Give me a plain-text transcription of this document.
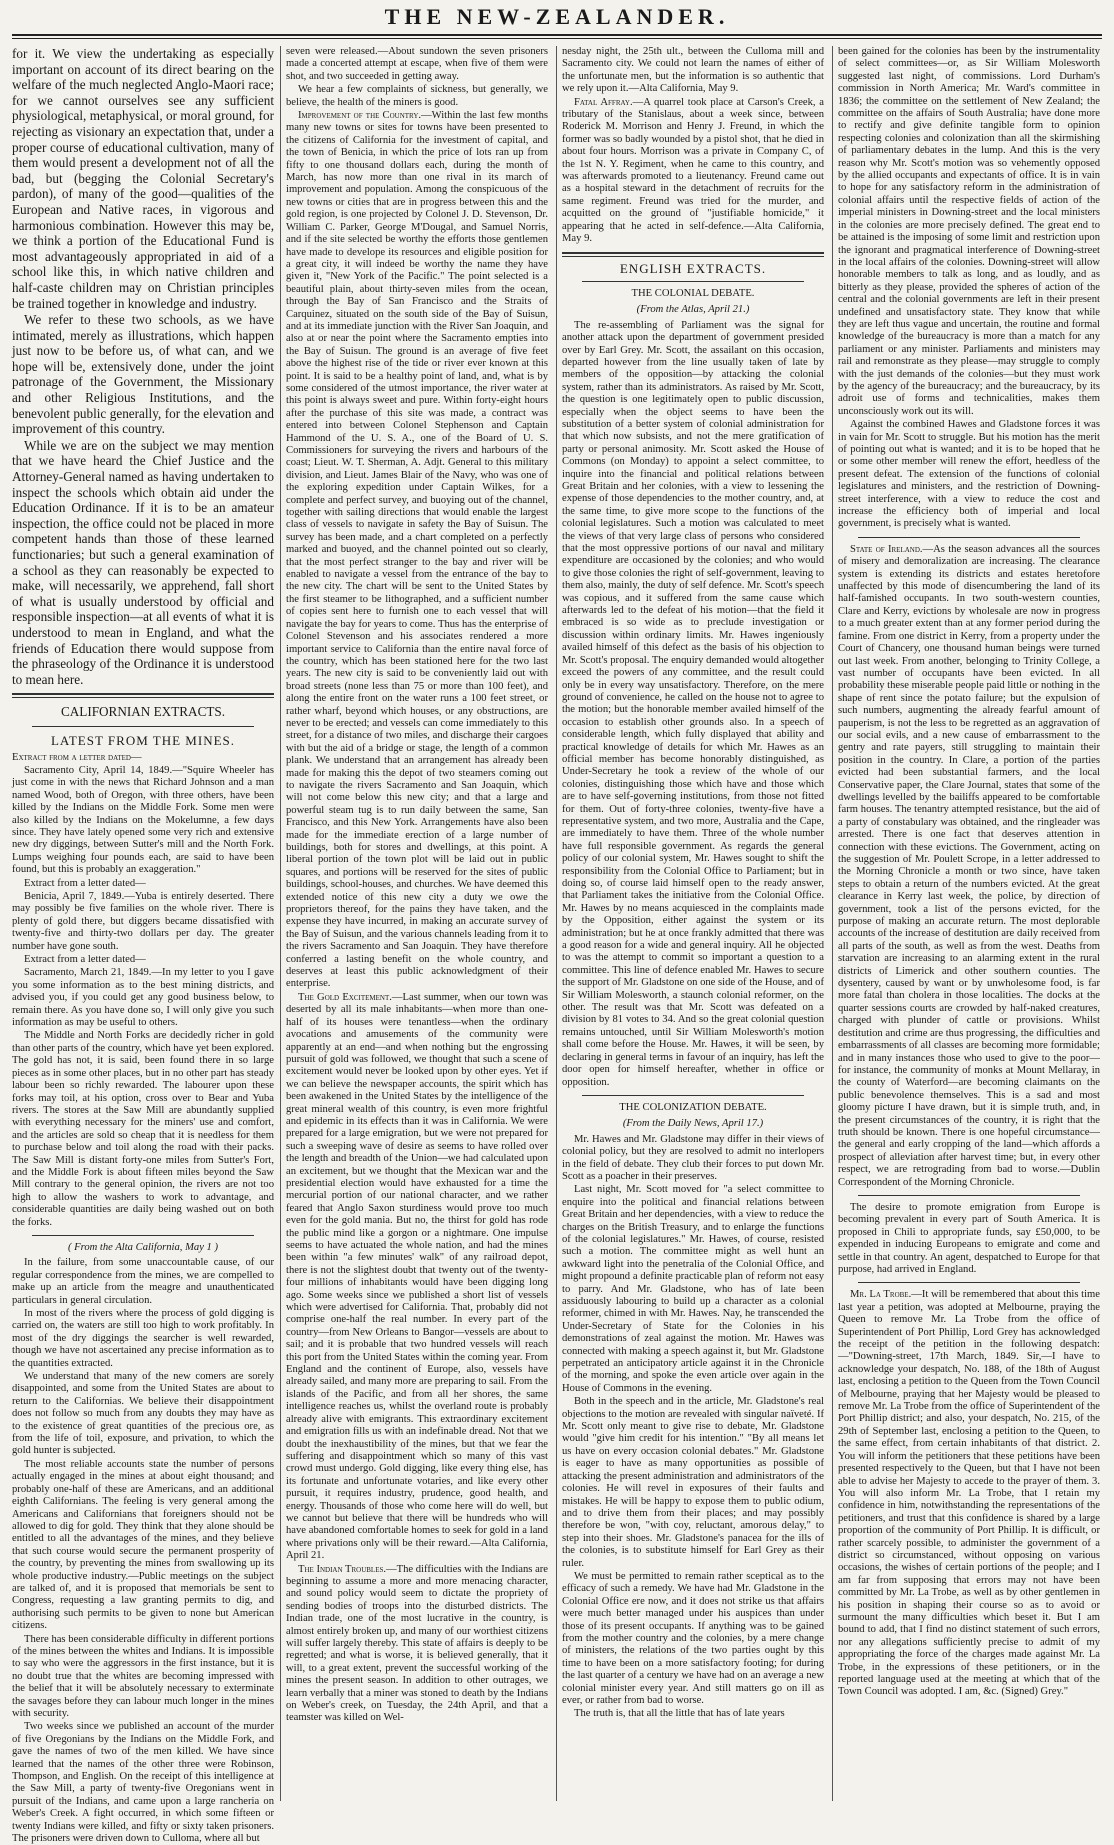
THE NEW-ZEALANDER.

for it. We view the undertaking as especially important on account of its direct bearing on the welfare of the much neglected Anglo-Maori race; for we cannot ourselves see any sufficient physiological, metaphysical, or moral ground, for rejecting as visionary an expectation that, under a proper course of educational cultivation, many of them would present a development not of all the bad, but (begging the Colonial Secretary's pardon), of many of the good—qualities of the European and Native races, in vigorous and harmonious combination. However this may be, we think a portion of the Educational Fund is most advantageously appropriated in aid of a school like this, in which native children and half-caste children may on Christian principles be trained together in knowledge and industry.

We refer to these two schools, as we have intimated, merely as illustrations, which happen just now to be before us, of what can, and we hope will be, extensively done, under the joint patronage of the Government, the Missionary and other Religious Institutions, and the benevolent public generally, for the elevation and improvement of this country.

While we are on the subject we may mention that we have heard the Chief Justice and the Attorney-General named as having undertaken to inspect the schools which obtain aid under the Education Ordinance. If it is to be an amateur inspection, the office could not be placed in more competent hands than those of these learned functionaries; but such a general examination of a school as they can reasonably be expected to make, will necessarily, we apprehend, fall short of what is usually understood by official and responsible inspection—at all events of what it is understood to mean in England, and what the friends of Education there would suppose from the phraseology of the Ordinance it is understood to mean here.

CALIFORNIAN EXTRACTS.
LATEST FROM THE MINES.

Extract from a letter dated—

Sacramento City, April 14, 1849.—"Squire Wheeler has just come in with the news that Richard Johnson and a man named Wood, both of Oregon, with three others, have been killed by the Indians on the Middle Fork. Some men were also killed by the Indians on the Mokelumne, a few days since. They have lately opened some very rich and extensive new dry diggings, between Sutter's mill and the North Fork. Lumps weighing four pounds each, are said to have been found, but this is probably an exaggeration."

Extract from a letter dated—

Benicia, April 7, 1849.—Yuba is entirely deserted. There may possibly be five families on the whole river. There is plenty of gold there, but diggers became dissatisfied with twenty-five and thirty-two dollars per day. The greater number have gone south.

Extract from a letter dated—

Sacramento, March 21, 1849.—In my letter to you I gave you some information as to the best mining districts, and advised you, if you could get any good business below, to remain there. As you have done so, I will only give you such information as may be useful to others.

The Middle and North Forks are decidedly richer in gold than other parts of the country, which have yet been explored. The gold has not, it is said, been found there in so large pieces as in some other places, but in no other part has steady labour been so richly rewarded. The labourer upon these forks may toil, at his option, cross over to Bear and Yuba rivers. The stores at the Saw Mill are abundantly supplied with everything necessary for the miners' use and comfort, and the articles are sold so cheap that it is needless for them to purchase below and toil along the road with their packs. The Saw Mill is distant forty-one miles from Sutter's Fort, and the Middle Fork is about fifteen miles beyond the Saw Mill contrary to the general opinion, the rivers are not too high to allow the washers to work to advantage, and considerable quantities are daily being washed out on both the forks.

( From the Alta California, May 1 )

In the failure, from some unaccountable cause, of our regular correspondence from the mines, we are compelled to make up an article from the meagre and unauthenticated particulars in general circulation.

In most of the rivers where the process of gold digging is carried on, the waters are still too high to work profitably. In most of the dry diggings the searcher is well rewarded, though we have not ascertained any precise information as to the quantities extracted.

We understand that many of the new comers are sorely disappointed, and some from the United States are about to return to the Californias. We believe their disappointment does not follow so much from any doubts they may have as to the existence of great quantities of the precious ore, as from the life of toil, exposure, and privation, to which the gold hunter is subjected.

The most reliable accounts state the number of persons actually engaged in the mines at about eight thousand; and probably one-half of these are Americans, and an additional eighth Californians. The feeling is very general among the Americans and Californians that foreigners should not be allowed to dig for gold. They think that they alone should be entitled to all the advantages of the mines, and they believe that such course would secure the permanent prosperity of the country, by preventing the mines from swallowing up its whole productive industry.—Public meetings on the subject are talked of, and it is proposed that memorials be sent to Congress, requesting a law granting permits to dig, and authorising such permits to be given to none but American citizens.

There has been considerable difficulty in different portions of the mines between the whites and Indians. It is impossible to say who were the aggressors in the first instance, but it is no doubt true that the whites are becoming impressed with the belief that it will be absolutely necessary to exterminate the savages before they can labour much longer in the mines with security.

Two weeks since we published an account of the murder of five Oregonians by the Indians on the Middle Fork, and gave the names of two of the men killed. We have since learned that the names of the other three were Robinson, Thompson, and English. On the receipt of this intelligence at the Saw Mill, a party of twenty-five Oregonians went in pursuit of the Indians, and came upon a large rancheria on Weber's Creek. A fight occurred, in which some fifteen or twenty Indians were killed, and fifty or sixty taken prisoners. The prisoners were driven down to Culloma, where all but

seven were released.—About sundown the seven prisoners made a concerted attempt at escape, when five of them were shot, and two succeeded in getting away.

We hear a few complaints of sickness, but generally, we believe, the health of the miners is good.

Improvement of the Country.—Within the last few months many new towns or sites for towns have been presented to the citizens of California for the investment of capital, and the town of Benicia, in which the price of lots ran up from fifty to one thousand dollars each, during the month of March, has now more than one rival in its march of improvement and population. Among the conspicuous of the new towns or cities that are in progress between this and the gold region, is one projected by Colonel J. D. Stevenson, Dr. William C. Parker, George M'Dougal, and Samuel Norris, and if the site selected be worthy the efforts those gentlemen have made to develope its resources and eligible position for a great city, it will indeed be worthy the name they have given it, "New York of the Pacific." The point selected is a beautiful plain, about thirty-seven miles from the ocean, through the Bay of San Francisco and the Straits of Carquinez, situated on the south side of the Bay of Suisun, and at its immediate junction with the River San Joaquin, and also at or near the point where the Sacramento empties into the Bay of Suisun. The ground is an average of five feet above the highest rise of the tide or river ever known at this point. It is said to be a healthy point of land, and, what is by some considered of the utmost importance, the river water at this point is always sweet and pure. Within forty-eight hours after the purchase of this site was made, a contract was entered into between Colonel Stephenson and Captain Hammond of the U. S. A., one of the Board of U. S. Commissioners for surveying the rivers and harbours of the coast; Lieut. W. T. Sherman, A. Adjt. General to this military division, and Lieut. James Blair of the Navy, who was one of the exploring expedition under Captain Wilkes, for a complete and perfect survey, and buoying out of the channel, together with sailing directions that would enable the largest class of vessels to navigate in safety the Bay of Suisun. The survey has been made, and a chart completed on a perfectly marked and buoyed, and the channel pointed out so clearly, that the most perfect stranger to the bay and river will be enabled to navigate a vessel from the entrance of the bay to the new city. The chart will be sent to the United States by the first steamer to be lithographed, and a sufficient number of copies sent here to furnish one to each vessel that will navigate the bay for years to come. Thus has the enterprise of Colonel Stevenson and his associates rendered a more important service to California than the entire naval force of the country, which has been stationed here for the two last years. The new city is said to be conveniently laid out with broad streets (none less than 75 or more than 100 feet), and along the entire front on the water runs a 100 feet street, or rather wharf, beyond which houses, or any obstructions, are never to be erected; and vessels can come immediately to this street, for a distance of two miles, and discharge their cargoes with but the aid of a bridge or stage, the length of a common plank. We understand that an arrangement has already been made for making this the depot of two steamers coming out to navigate the rivers Sacramento and San Joaquin, which will not come below this new city; and that a large and powerful steam tug is to run daily between the same, San Francisco, and this New York. Arrangements have also been made for the immediate erection of a large number of buildings, both for stores and dwellings, at this point. A liberal portion of the town plot will be laid out in public squares, and portions will be reserved for the sites of public buildings, school-houses, and churches. We have deemed this extended notice of this new city a duty we owe the proprietors thereof, for the pains they have taken, and the expense they have incurred, in making an accurate survey of the Bay of Suisun, and the various channels leading from it to the rivers Sacramento and San Joaquin. They have therefore conferred a lasting benefit on the whole country, and deserves at least this public acknowledgment of their enterprise.

The Gold Excitement.—Last summer, when our town was deserted by all its male inhabitants—when more than one-half of its houses were tenantless—when the ordinary avocations and amusements of the community were apparently at an end—and when nothing but the engrossing pursuit of gold was followed, we thought that such a scene of excitement would never be looked upon by other eyes. Yet if we can believe the newspaper accounts, the spirit which has been awakened in the United States by the intelligence of the great mineral wealth of this country, is even more frightful and epidemic in its effects than it was in California. We were prepared for a large emigration, but we were not prepared for such a sweeping wave of desire as seems to have rolled over the length and breadth of the Union—we had calculated upon an excitement, but we thought that the Mexican war and the presidential election would have exhausted for a time the mercurial portion of our national character, and we rather feared that Anglo Saxon sturdiness would prove too much even for the gold mania. But no, the thirst for gold has rode the public mind like a gorgon or a nightmare. One impulse seems to have actuated the whole nation, and had the mines been within "a few minutes' walk" of any railroad depot, there is not the slightest doubt that twenty out of the twenty-four millions of inhabitants would have been digging long ago. Some weeks since we published a short list of vessels which were advertised for California. That, probably did not comprise one-half the real number. In every part of the country—from New Orleans to Bangor—vessels are about to sail; and it is probable that two hundred vessels will reach this port from the United States within the coming year. From England and the continent of Europe, also, vessels have already sailed, and many more are preparing to sail. From the islands of the Pacific, and from all her shores, the same intelligence reaches us, whilst the overland route is probably already alive with emigrants. This extraordinary excitement and emigration fills us with an indefinable dread. Not that we doubt the inexhaustibility of the mines, but that we fear the suffering and disappointment which so many of this vast crowd must undergo. Gold digging, like every thing else, has its fortunate and unfortunate votaries, and like every other pursuit, it requires industry, prudence, good health, and energy. Thousands of those who come here will do well, but we cannot but believe that there will be hundreds who will have abandoned comfortable homes to seek for gold in a land where privations only will be their reward.—Alta California, April 21.

The Indian Troubles.—The difficulties with the Indians are beginning to assume a more and more menacing character, and sound policy would seem to dictate the propriety of sending bodies of troops into the disturbed districts. The Indian trade, one of the most lucrative in the country, is almost entirely broken up, and many of our worthiest citizens will suffer largely thereby. This state of affairs is deeply to be regretted; and what is worse, it is believed generally, that it will, to a great extent, prevent the successful working of the mines the present season. In addition to other outrages, we learn verbally that a miner was stoned to death by the Indians on Weber's creek, on Tuesday, the 24th April, and that a teamster was killed on Wel-

nesday night, the 25th ult., between the Culloma mill and Sacramento city. We could not learn the names of either of the unfortunate men, but the information is so authentic that we rely upon it.—Alta California, May 9.

Fatal Affray.—A quarrel took place at Carson's Creek, a tributary of the Stanislaus, about a week since, between Roderick M. Morrison and Henry J. Freund, in which the former was so badly wounded by a pistol shot, that he died in about four hours. Morrison was a private in Company C, of the 1st N. Y. Regiment, when he came to this country, and was afterwards promoted to a lieutenancy. Freund came out as a hospital steward in the detachment of recruits for the same regiment. Freund was tried for the murder, and acquitted on the ground of "justifiable homicide," it appearing that he acted in self-defence.—Alta California, May 9.

ENGLISH EXTRACTS.
THE COLONIAL DEBATE.
(From the Atlas, April 21.)

The re-assembling of Parliament was the signal for another attack upon the department of government presided over by Earl Grey. Mr. Scott, the assailant on this occasion, departed however from the line usually taken of late by members of the opposition—by attacking the colonial system, rather than its administrators. As raised by Mr. Scott, the question is one legitimately open to public discussion, especially when the object seems to have been the substitution of a better system of colonial administration for that which now subsists, and not the mere gratification of party or personal animosity. Mr. Scott asked the House of Commons (on Monday) to appoint a select committee, to inquire into the financial and political relations between Great Britain and her colonies, with a view to lessening the expense of those dependencies to the mother country, and, at the same time, to give more scope to the functions of the colonial legislatures. Such a motion was calculated to meet the views of that very large class of persons who considered that the most oppressive portions of our naval and military expenditure are occasioned by the colonies; and who would to give those colonies the right of self-government, leaving to them also, mainly, the duty of self defence. Mr. Scott's speech was copious, and it suffered from the same cause which afterwards led to the defeat of his motion—that the field it embraced is so wide as to preclude investigation or discussion within ordinary limits. Mr. Hawes ingeniously availed himself of this defect as the basis of his objection to Mr. Scott's proposal. The enquiry demanded would altogether exceed the powers of any committee, and the result could only be in every way unsatisfactory. Therefore, on the mere ground of convenience, he called on the house not to agree to the motion; but the honorable member availed himself of the occasion to establish other grounds also. In a speech of considerable length, which fully displayed that ability and practical knowledge of details for which Mr. Hawes as an official member has become honorably distinguished, as Under-Secretary he took a review of the whole of our colonies, distinguishing those which have and those which are to have self-governing institutions, from those not fitted for them. Out of forty-three colonies, twenty-five have a representative system, and two more, Australia and the Cape, are immediately to have them. Three of the whole number have full responsible government. As regards the general policy of our colonial system, Mr. Hawes sought to shift the responsibility from the Colonial Office to Parliament; but in doing so, of course laid himself open to the ready answer, that Parliament takes the initiative from the Colonial Office. Mr. Hawes by no means acquiesced in the complaints made by the Opposition, either against the system or its administration; but he at once frankly admitted that there was a good reason for a wide and general inquiry. All he objected to was the attempt to commit so important a question to a committee. This line of defence enabled Mr. Hawes to secure the support of Mr. Gladstone on one side of the House, and of Sir William Molesworth, a staunch colonial reformer, on the other. The result was that Mr. Scott was defeated on a division by 81 votes to 34. And so the great colonial question remains untouched, until Sir William Molesworth's motion shall come before the House. Mr. Hawes, it will be seen, by declaring in general terms in favour of an inquiry, has left the door open for himself hereafter, whether in office or opposition.

THE COLONIZATION DEBATE.
(From the Daily News, April 17.)

Mr. Hawes and Mr. Gladstone may differ in their views of colonial policy, but they are resolved to admit no interlopers in the field of debate. They club their forces to put down Mr. Scott as a poacher in their preserves.

Last night, Mr. Scott moved for "a select committee to enquire into the political and financial relations between Great Britain and her dependencies, with a view to reduce the charges on the British Treasury, and to enlarge the functions of the colonial legislatures." Mr. Hawes, of course, resisted such a motion. The committee might as well hunt an awkward light into the penetralia of the Colonial Office, and might propound a definite practicable plan of reform not easy to parry. And Mr. Gladstone, who has of late been assiduously labouring to build up a character as a colonial reformer, chimed in with Mr. Hawes. Nay, he transcended the Under-Secretary of State for the Colonies in his demonstrations of zeal against the motion. Mr. Hawes was connected with making a speech against it, but Mr. Gladstone perpetrated an anticipatory article against it in the Chronicle of the morning, and spoke the even article over again in the House of Commons in the evening.

Both in the speech and in the article, Mr. Gladstone's real objections to the motion are revealed with singular naïveté. If Mr. Scott only meant to give rise to debate, Mr. Gladstone would "give him credit for his intention." "By all means let us have on every occasion colonial debates." Mr. Gladstone is eager to have as many opportunities as possible of attacking the present administration and administrators of the colonies. He will revel in exposures of their faults and mistakes. He will be happy to expose them to public odium, and to drive them from their places; and may possibly therefore be won, "with coy, reluctant, amorous delay," to step into their shoes. Mr. Gladstone's panacea for the ills of the colonies, is to substitute himself for Earl Grey as their ruler.

We must be permitted to remain rather sceptical as to the efficacy of such a remedy. We have had Mr. Gladstone in the Colonial Office ere now, and it does not strike us that affairs were much better managed under his auspices than under those of its present occupants. If anything was to be gained from the mother country and the colonies, by a mere change of ministers, the relations of the two parties ought by this time to have been on a more satisfactory footing; for during the last quarter of a century we have had on an average a new colonial minister every year. And still matters go on ill as ever, or rather from bad to worse.

The truth is, that all the little that has of late years

been gained for the colonies has been by the instrumentality of select committees—or, as Sir William Molesworth suggested last night, of commissions. Lord Durham's commission in North America; Mr. Ward's committee in 1836; the committee on the settlement of New Zealand; the committee on the affairs of South Australia; have done more to rectify and give definite tangible form to opinion respecting colonies and colonization than all the skirmishing of parliamentary debates in the lump. And this is the very reason why Mr. Scott's motion was so vehemently opposed by the allied occupants and expectants of office. It is in vain to hope for any satisfactory reform in the administration of colonial affairs until the respective fields of action of the imperial ministers in Downing-street and the local ministers in the colonies are more precisely defined. The great end to be attained is the imposing of some limit and restriction upon the ignorant and pragmatical interference of Downing-street in the local affairs of the colonies. Downing-street will allow honorable members to talk as long, and as loudly, and as bitterly as they please, provided the spheres of action of the central and the colonial governments are left in their present undefined and unsatisfactory state. They know that while they are left thus vague and uncertain, the routine and formal knowledge of the bureaucracy is more than a match for any parliament or any minister. Parliaments and ministers may rail and remonstrate as they please—may struggle to comply with the just demands of the colonies—but they must work by the agency of the bureaucracy; and the bureaucracy, by its adroit use of forms and technicalities, makes them unconsciously work out its will.

Against the combined Hawes and Gladstone forces it was in vain for Mr. Scott to struggle. But his motion has the merit of pointing out what is wanted; and it is to be hoped that he or some other member will renew the effort, heedless of the present defeat. The extension of the functions of colonial legislatures and ministers, and the restriction of Downing-street interference, with a view to reduce the cost and increase the efficiency both of imperial and local government, is precisely what is wanted.

State of Ireland.—As the season advances all the sources of misery and demoralization are increasing. The clearance system is extending its districts and estates heretofore unaffected by this mode of disencumbering the land of its half-famished occupants. In two south-western counties, Clare and Kerry, evictions by wholesale are now in progress to a much greater extent than at any former period during the famine. From one district in Kerry, from a property under the Court of Chancery, one thousand human beings were turned out last week. From another, belonging to Trinity College, a vast number of occupants have been evicted. In all probability these miserable people paid little or nothing in the shape of rent since the potato failure; but the expulsion of such numbers, augmenting the already fearful amount of pauperism, is not the less to be regretted as an aggravation of our social evils, and a new cause of embarrassment to the gentry and rate payers, still struggling to maintain their position in the country. In Clare, a portion of the parties evicted had been substantial farmers, and the local Conservative paper, the Clare Journal, states that some of the dwellings levelled by the bailiffs appeared to be comfortable farm houses. The tenantry attempted resistance, but the aid of a party of constabulary was obtained, and the ringleader was arrested. There is one fact that deserves attention in connection with these evictions. The Government, acting on the suggestion of Mr. Poulett Scrope, in a letter addressed to the Morning Chronicle a month or two since, have taken steps to obtain a return of the numbers evicted. At the great clearance in Kerry last week, the police, by direction of government, took a list of the persons evicted, for the purpose of making an accurate return. The most deplorable accounts of the increase of destitution are daily received from all parts of the south, as well as from the west. Deaths from starvation are increasing to an alarming extent in the rural districts of Limerick and other southern counties. The dysentery, caused by want or by unwholesome food, is far more fatal than cholera in those localities. The docks at the quarter sessions courts are crowded by half-naked creatures, charged with plunder of cattle or provisions. Whilst destitution and crime are thus progressing, the difficulties and embarrassments of all classes are becoming more formidable; and in many instances those who used to give to the poor—for instance, the community of monks at Mount Mellaray, in the county of Waterford—are becoming claimants on the public benevolence themselves. This is a sad and most gloomy picture I have drawn, but it is simple truth, and, in the present circumstances of the country, it is right that the truth should be known. There is one hopeful circumstance—the general and early cropping of the land—which affords a prospect of alleviation after harvest time; but, in every other respect, we are retrograding from bad to worse.—Dublin Correspondent of the Morning Chronicle.

The desire to promote emigration from Europe is becoming prevalent in every part of South America. It is proposed in Chili to appropriate funds, say £50,000, to be expended in inducing Europeans to emigrate and come and settle in that country. An agent, despatched to Europe for that purpose, had arrived in England.

Mr. La Trobe.—It will be remembered that about this time last year a petition, was adopted at Melbourne, praying the Queen to remove Mr. La Trobe from the office of Superintendent of Port Phillip, Lord Grey has acknowledged the receipt of the petition in the following despatch:—"Downing-street, 17th March, 1849. Sir,—I have to acknowledge your despatch, No. 188, of the 18th of August last, enclosing a petition to the Queen from the Town Council of Melbourne, praying that her Majesty would be pleased to remove Mr. La Trobe from the office of Superintendent of the Port Phillip district; and also, your despatch, No. 215, of the 29th of September last, enclosing a petition to the Queen, to the same effect, from certain inhabitants of that district. 2. You will inform the petitioners that these petitions have been presented respectively to the Queen, but that I have not been able to advise her Majesty to accede to the prayer of them. 3. You will also inform Mr. La Trobe, that I retain my confidence in him, notwithstanding the representations of the petitioners, and trust that this confidence is shared by a large proportion of the community of Port Phillip. It is difficult, or rather scarcely possible, to administer the government of a district so circumstanced, without opposing on various occasions, the wishes of certain portions of the people; and I am far from supposing that errors may not have been committed by Mr. La Trobe, as well as by other gentlemen in his position in shaping their course so as to avoid or surmount the many difficulties which beset it. But I am bound to add, that I find no distinct statement of such errors, nor any allegations sufficiently precise to admit of my appropriating the force of the charges made against Mr. La Trobe, in the expressions of these petitioners, or in the reported language used at the meeting at which that of the Town Council was adopted. I am, &c. (Signed) Grey."
